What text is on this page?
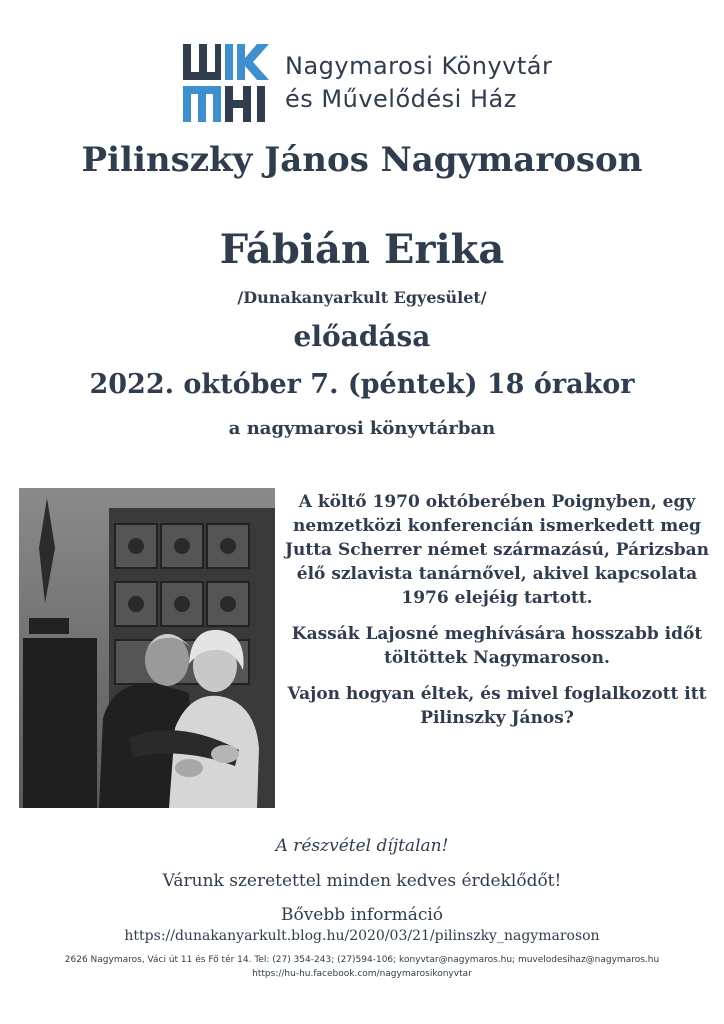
Nagymarosi Könyvtár
és Művelődési Ház
Pilinszky János Nagymaroson
Fábián Erika
/Dunakanyarkult Egyesület/
előadása
2022. október 7. (péntek) 18 órakor
a nagymarosi könyvtárban

A költő 1970 októberében Poignyben, egy nemzetközi konferencián ismerkedett meg Jutta Scherrer német származású, Párizsban élő szlavista tanárnővel, akivel kapcsolata 1976 elejéig tartott.

Kassák Lajosné meghívására hosszabb időt töltöttek Nagymaroson.

Vajon hogyan éltek, és mivel foglalkozott itt Pilinszky János?

A részvétel díjtalan!
Várunk szeretettel minden kedves érdeklődőt!
Bővebb információ
https://dunakanyarkult.blog.hu/2020/03/21/pilinszky_nagymaroson
2626 Nagymaros, Váci út 11 és Fő tér 14. Tel: (27) 354-243; (27)594-106; konyvtar@nagymaros.hu; muvelodesihaz@nagymaros.hu
https://hu-hu.facebook.com/nagymarosikonyvtar
